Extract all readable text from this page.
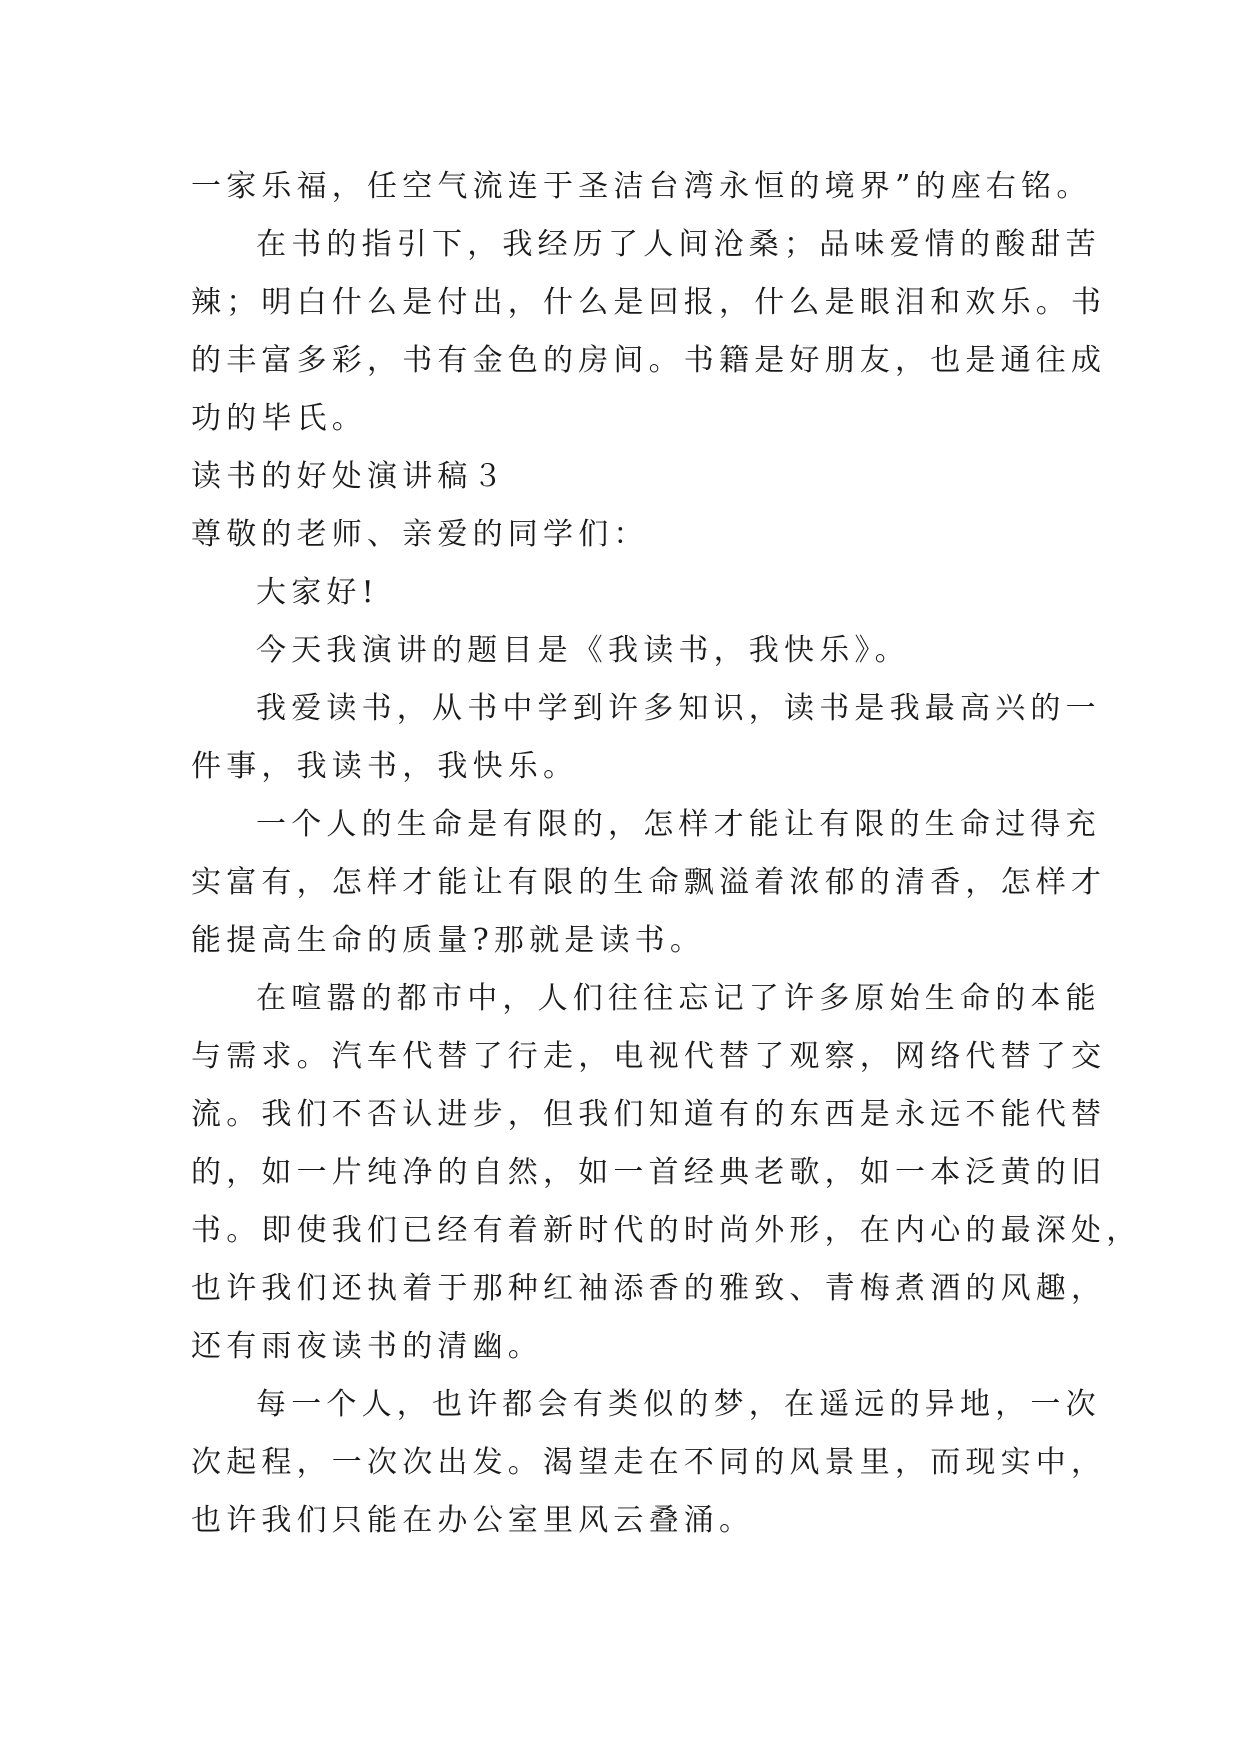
一家乐福，任空气流连于圣洁台湾永恒的境界”的座右铭。
在书的指引下，我经历了人间沧桑；品味爱情的酸甜苦
辣；明白什么是付出，什么是回报，什么是眼泪和欢乐。书
的丰富多彩，书有金色的房间。书籍是好朋友，也是通往成
功的毕氏。
读书的好处演讲稿３
尊敬的老师、亲爱的同学们：
大家好!
今天我演讲的题目是《我读书，我快乐》。
我爱读书，从书中学到许多知识，读书是我最高兴的一
件事，我读书，我快乐。
一个人的生命是有限的，怎样才能让有限的生命过得充
实富有，怎样才能让有限的生命飘溢着浓郁的清香，怎样才
能提高生命的质量?那就是读书。
在喧嚣的都市中，人们往往忘记了许多原始生命的本能
与需求。汽车代替了行走，电视代替了观察，网络代替了交
流。我们不否认进步，但我们知道有的东西是永远不能代替
的，如一片纯净的自然，如一首经典老歌，如一本泛黄的旧
书。即使我们已经有着新时代的时尚外形，在内心的最深处，
也许我们还执着于那种红袖添香的雅致、青梅煮酒的风趣，
还有雨夜读书的清幽。
每一个人，也许都会有类似的梦，在遥远的异地，一次
次起程，一次次出发。渴望走在不同的风景里，而现实中，
也许我们只能在办公室里风云叠涌。
